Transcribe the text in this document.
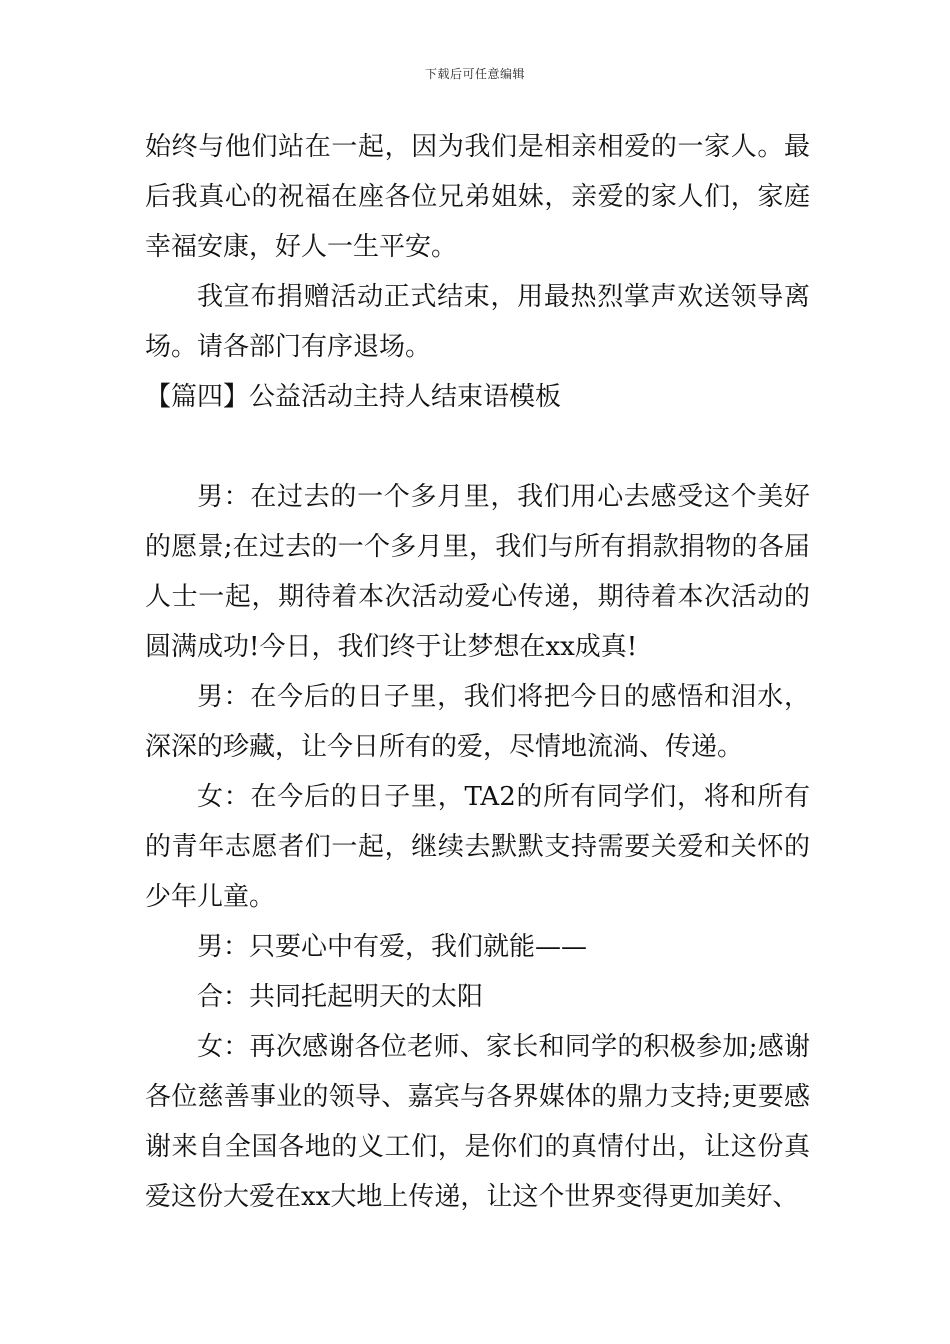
下载后可任意编辑

始终与他们站在一起，因为我们是相亲相爱的一家人。最后我真心的祝福在座各位兄弟姐妹，亲爱的家人们，家庭幸福安康，好人一生平安。

我宣布捐赠活动正式结束，用最热烈掌声欢送领导离场。请各部门有序退场。

【篇四】公益活动主持人结束语模板

男：在过去的一个多月里，我们用心去感受这个美好的愿景;在过去的一个多月里，我们与所有捐款捐物的各届人士一起，期待着本次活动爱心传递，期待着本次活动的圆满成功!今日，我们终于让梦想在xx成真!

男：在今后的日子里，我们将把今日的感悟和泪水，深深的珍藏，让今日所有的爱，尽情地流淌、传递。

女：在今后的日子里，TA2的所有同学们，将和所有的青年志愿者们一起，继续去默默支持需要关爱和关怀的少年儿童。

男：只要心中有爱，我们就能——

合：共同托起明天的太阳

女：再次感谢各位老师、家长和同学的积极参加;感谢各位慈善事业的领导、嘉宾与各界媒体的鼎力支持;更要感谢来自全国各地的义工们，是你们的真情付出，让这份真爱这份大爱在xx大地上传递，让这个世界变得更加美好、
